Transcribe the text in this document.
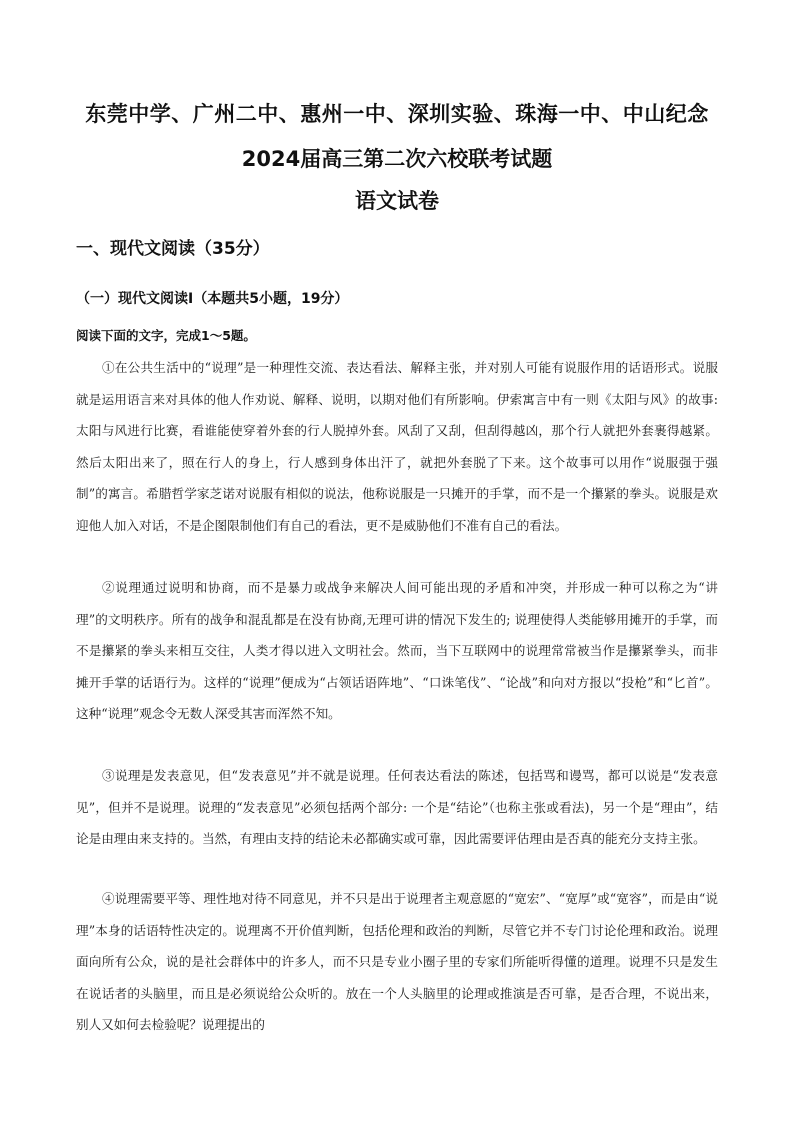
东莞中学、广州二中、惠州一中、深圳实验、珠海一中、中山纪念
2024届高三第二次六校联考试题
语文试卷
一、现代文阅读（35分）
（一）现代文阅读Ⅰ（本题共5小题，19分）
阅读下面的文字，完成1～5题。

①在公共生活中的“说理”是一种理性交流、表达看法、解释主张，并对别人可能有说服作用的话语形式。说服就是运用语言来对具体的他人作劝说、解释、说明，以期对他们有所影响。伊索寓言中有一则《太阳与风》的故事:太阳与风进行比赛，看谁能使穿着外套的行人脱掉外套。风刮了又刮，但刮得越凶，那个行人就把外套裹得越紧。然后太阳出来了，照在行人的身上，行人感到身体出汗了，就把外套脱了下来。这个故事可以用作“说服强于强制”的寓言。希腊哲学家芝诺对说服有相似的说法，他称说服是一只摊开的手掌，而不是一个攥紧的拳头。说服是欢迎他人加入对话，不是企图限制他们有自己的看法，更不是威胁他们不准有自己的看法。

②说理通过说明和协商，而不是暴力或战争来解决人间可能出现的矛盾和冲突，并形成一种可以称之为“讲理”的文明秩序。所有的战争和混乱都是在没有协商,无理可讲的情况下发生的; 说理使得人类能够用摊开的手掌，而不是攥紧的拳头来相互交往，人类才得以进入文明社会。然而，当下互联网中的说理常常被当作是攥紧拳头，而非摊开手掌的话语行为。这样的“说理”便成为“占领话语阵地”、“口诛笔伐”、“论战”和向对方报以“投枪”和“匕首”。这种“说理”观念令无数人深受其害而浑然不知。

③说理是发表意见，但“发表意见”并不就是说理。任何表达看法的陈述，包括骂和谩骂，都可以说是“发表意见”，但并不是说理。说理的“发表意见”必须包括两个部分: 一个是“结论”（也称主张或看法)，另一个是“理由”，结论是由理由来支持的。当然，有理由支持的结论未必都确实或可靠，因此需要评估理由是否真的能充分支持主张。

④说理需要平等、理性地对待不同意见，并不只是出于说理者主观意愿的“宽宏”、“宽厚”或“宽容”，而是由“说理”本身的话语特性决定的。说理离不开价值判断，包括伦理和政治的判断，尽管它并不专门讨论伦理和政治。说理面向所有公众，说的是社会群体中的许多人，而不只是专业小圈子里的专家们所能听得懂的道理。说理不只是发生在说话者的头脑里，而且是必须说给公众听的。放在一个人头脑里的论理或推演是否可靠，是否合理，不说出来，别人又如何去检验呢？说理提出的
